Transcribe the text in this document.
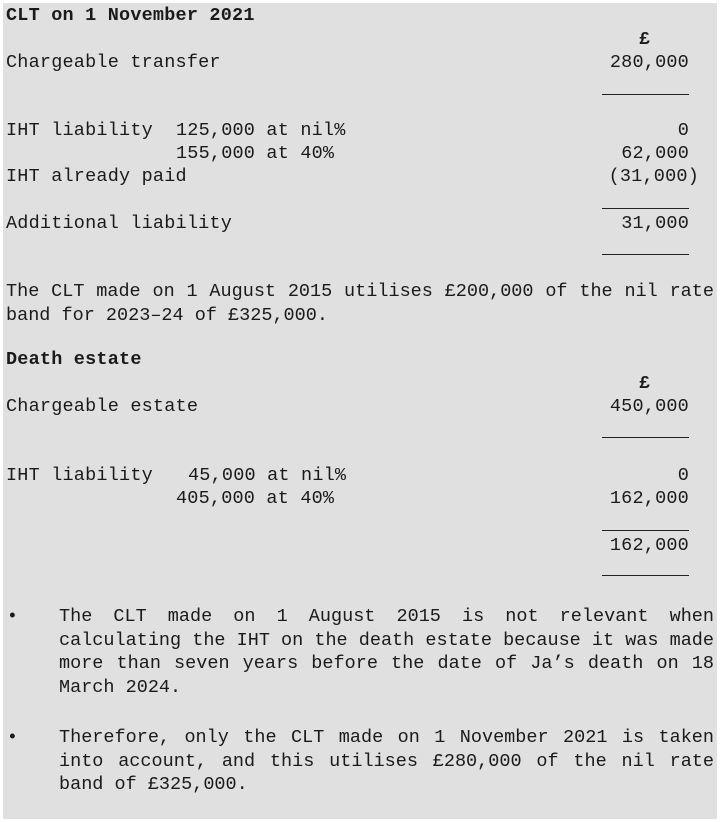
CLT on 1 November 2021
£
Chargeable transfer	280,000
IHT liability 125,000 at nil%	0
155,000 at 40%	62,000
IHT already paid	(31,000)
Additional liability	31,000
The CLT made on 1 August 2015 utilises £200,000 of the nil rate band for 2023–24 of £325,000.
Death estate
£
Chargeable estate	450,000
IHT liability 45,000 at nil%	0
405,000 at 40%	162,000
162,000
• The CLT made on 1 August 2015 is not relevant when calculating the IHT on the death estate because it was made more than seven years before the date of Ja’s death on 18 March 2024.
• Therefore, only the CLT made on 1 November 2021 is taken into account, and this utilises £280,000 of the nil rate band of £325,000.
